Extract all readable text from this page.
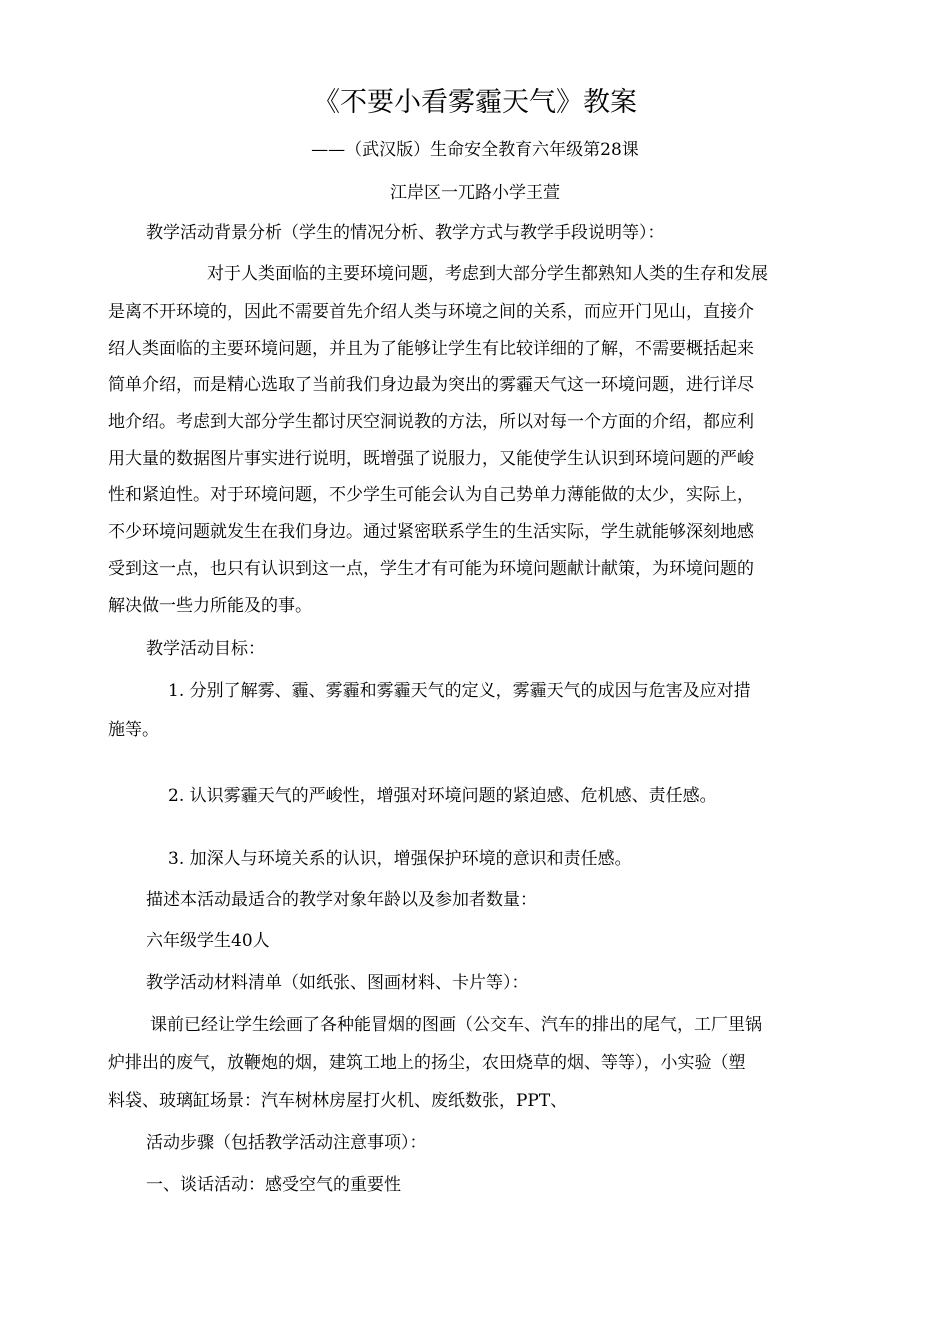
《不要小看雾霾天气》教案
——（武汉版）生命安全教育六年级第28课
江岸区一兀路小学王萱
教学活动背景分析（学生的情况分析、教学方式与教学手段说明等）：
对于人类面临的主要环境问题，考虑到大部分学生都熟知人类的生存和发展
是离不开环境的，因此不需要首先介绍人类与环境之间的关系，而应开门见山，直接介
绍人类面临的主要环境问题，并且为了能够让学生有比较详细的了解，不需要概括起来
简单介绍，而是精心选取了当前我们身边最为突出的雾霾天气这一环境问题，进行详尽
地介绍。考虑到大部分学生都讨厌空洞说教的方法，所以对每一个方面的介绍，都应利
用大量的数据图片事实进行说明，既增强了说服力，又能使学生认识到环境问题的严峻
性和紧迫性。对于环境问题，不少学生可能会认为自己势单力薄能做的太少，实际上，
不少环境问题就发生在我们身边。通过紧密联系学生的生活实际，学生就能够深刻地感
受到这一点，也只有认识到这一点，学生才有可能为环境问题献计献策，为环境问题的
解决做一些力所能及的事。
教学活动目标：
1. 分别了解雾、霾、雾霾和雾霾天气的定义，雾霾天气的成因与危害及应对措
施等。
2. 认识雾霾天气的严峻性，增强对环境问题的紧迫感、危机感、责任感。
3. 加深人与环境关系的认识，增强保护环境的意识和责任感。
描述本活动最适合的教学对象年龄以及参加者数量：
六年级学生40人
教学活动材料清单（如纸张、图画材料、卡片等）：
课前已经让学生绘画了各种能冒烟的图画（公交车、汽车的排出的尾气，工厂里锅
炉排出的废气，放鞭炮的烟，建筑工地上的扬尘，农田烧草的烟、等等），小实验（塑
料袋、玻璃缸场景：汽车树林房屋打火机、废纸数张，PPT、
活动步骤（包括教学活动注意事项）：
一、谈话活动：感受空气的重要性
